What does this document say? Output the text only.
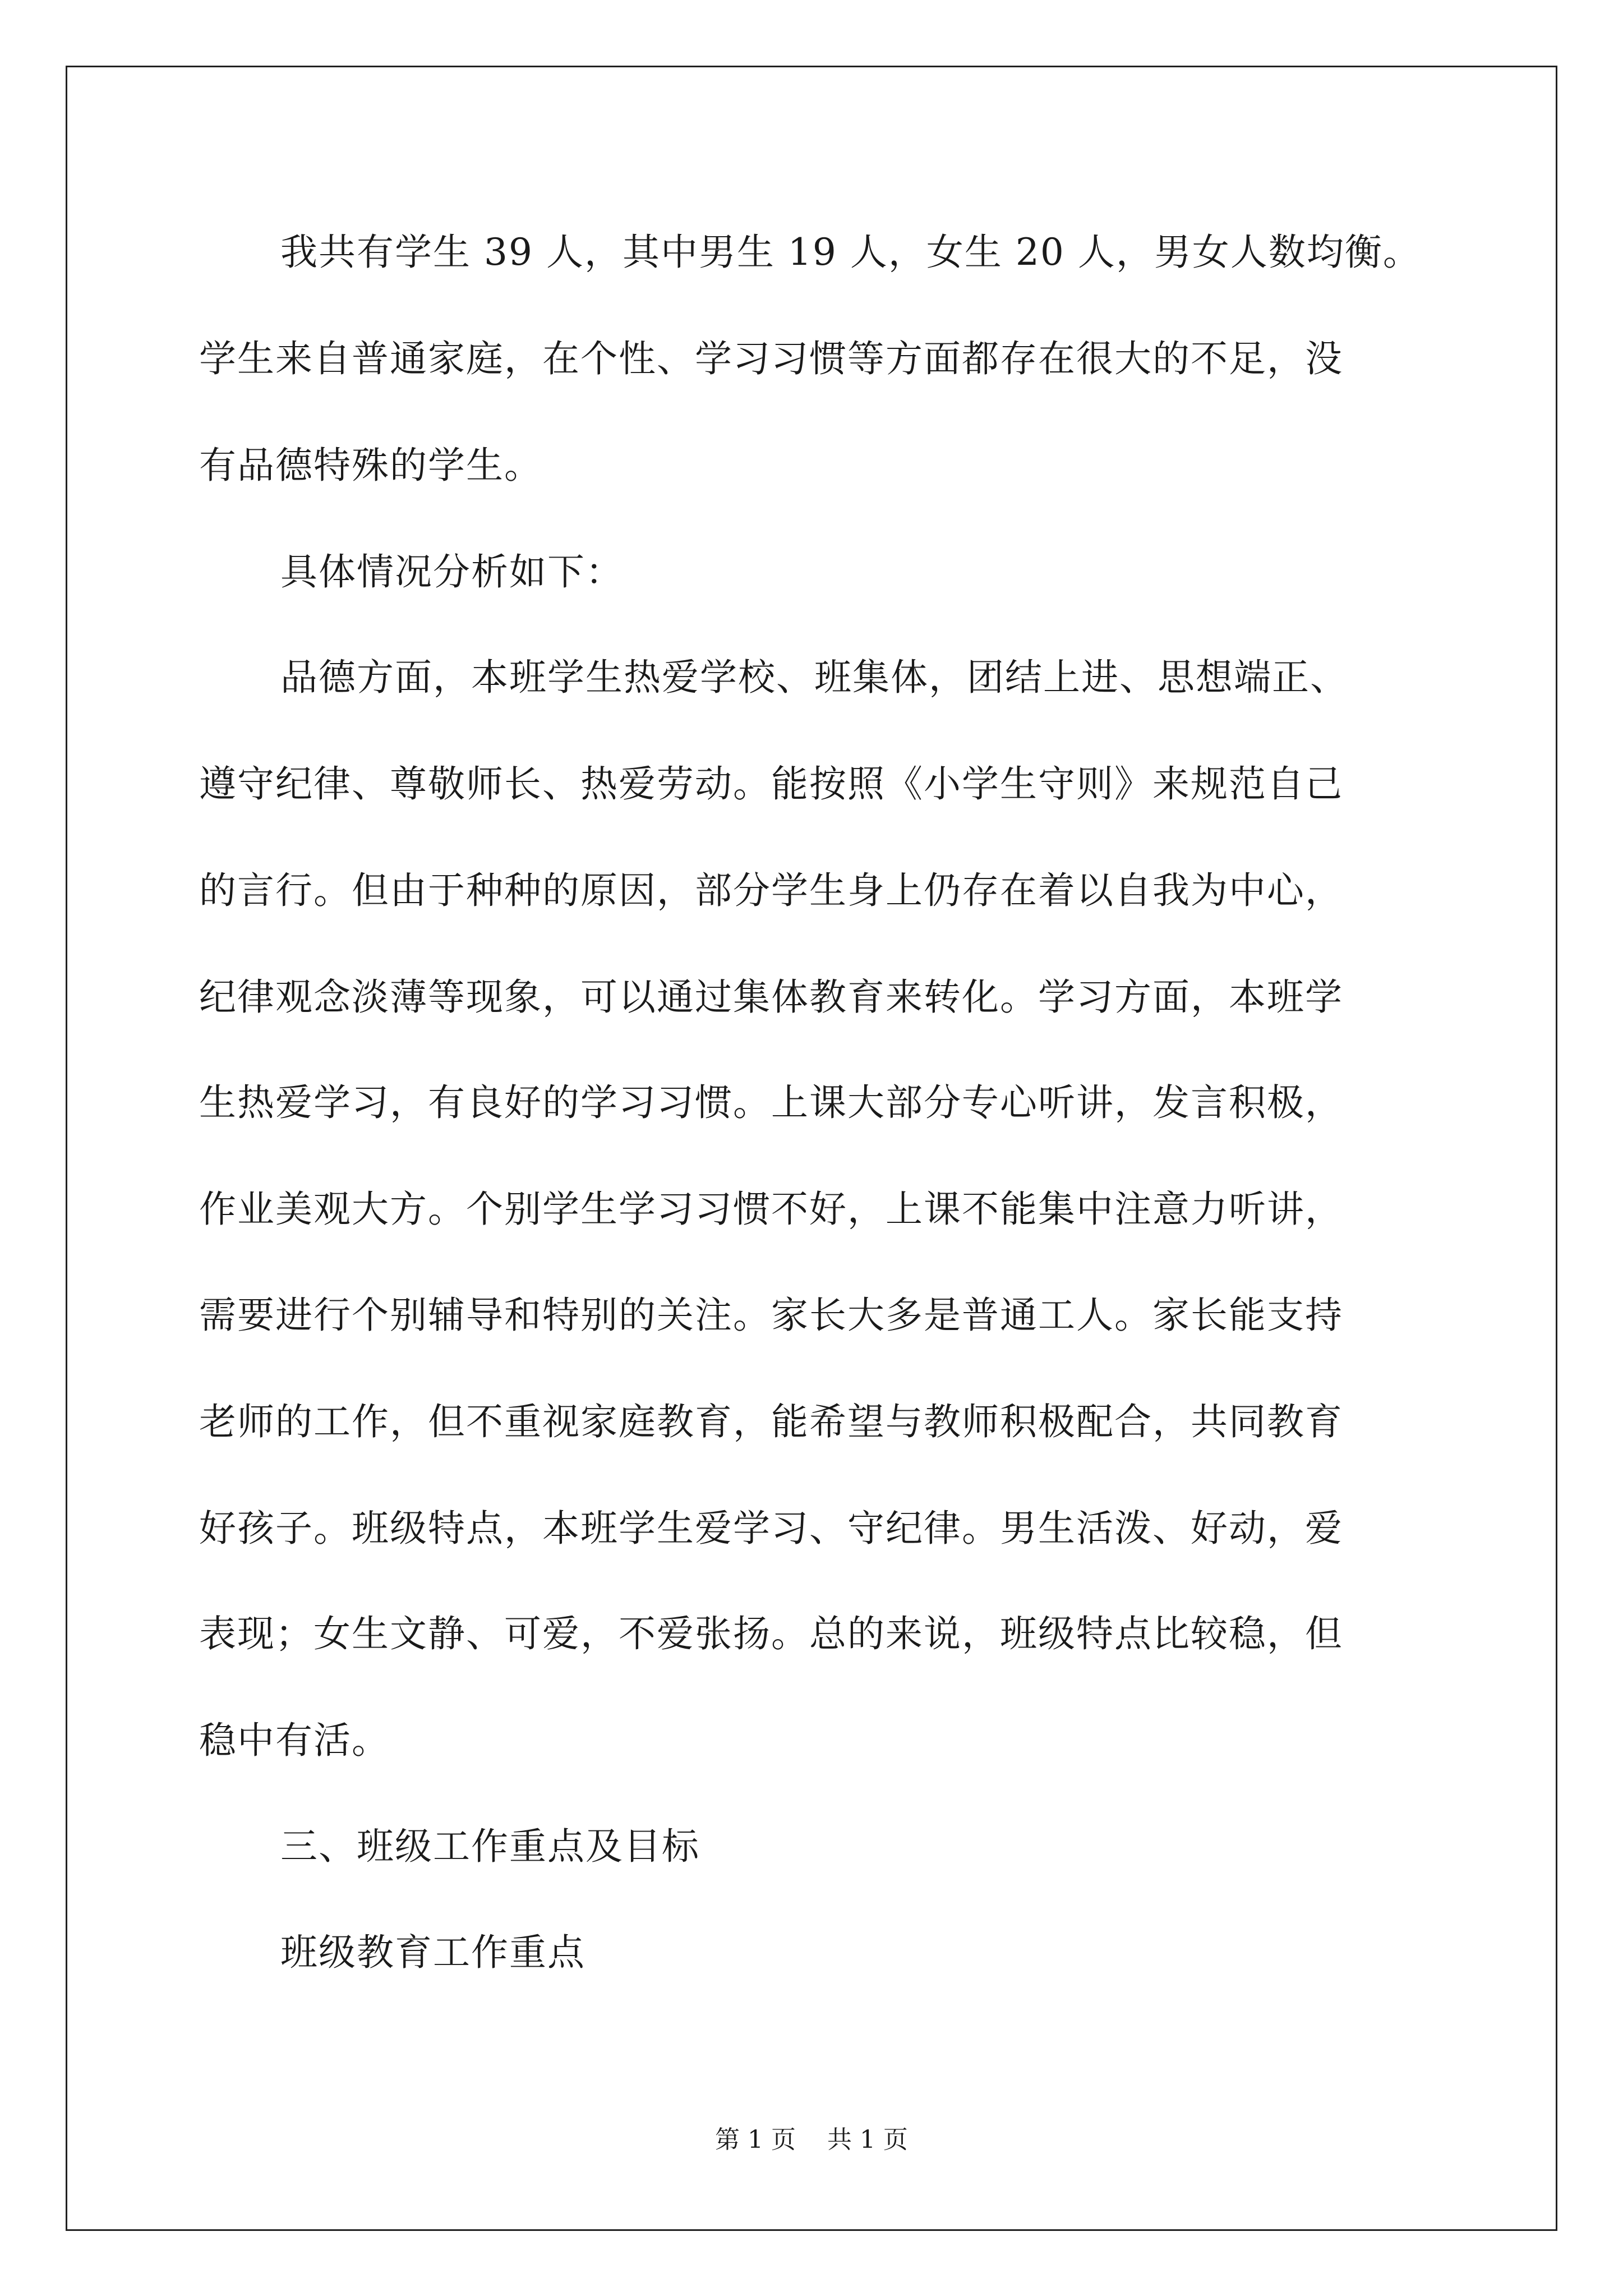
我共有学生 39 人，其中男生 19 人，女生 20 人，男女人数均衡。
学生来自普通家庭，在个性、学习习惯等方面都存在很大的不足，没
有品德特殊的学生。
具体情况分析如下：
品德方面，本班学生热爱学校、班集体，团结上进、思想端正、
遵守纪律、尊敬师长、热爱劳动。能按照《小学生守则》来规范自己
的言行。但由于种种的原因，部分学生身上仍存在着以自我为中心，
纪律观念淡薄等现象，可以通过集体教育来转化。学习方面，本班学
生热爱学习，有良好的学习习惯。上课大部分专心听讲，发言积极，
作业美观大方。个别学生学习习惯不好，上课不能集中注意力听讲，
需要进行个别辅导和特别的关注。家长大多是普通工人。家长能支持
老师的工作，但不重视家庭教育，能希望与教师积极配合，共同教育
好孩子。班级特点，本班学生爱学习、守纪律。男生活泼、好动，爱
表现；女生文静、可爱，不爱张扬。总的来说，班级特点比较稳，但
稳中有活。
三、班级工作重点及目标
班级教育工作重点
第 1 页    共 1 页
